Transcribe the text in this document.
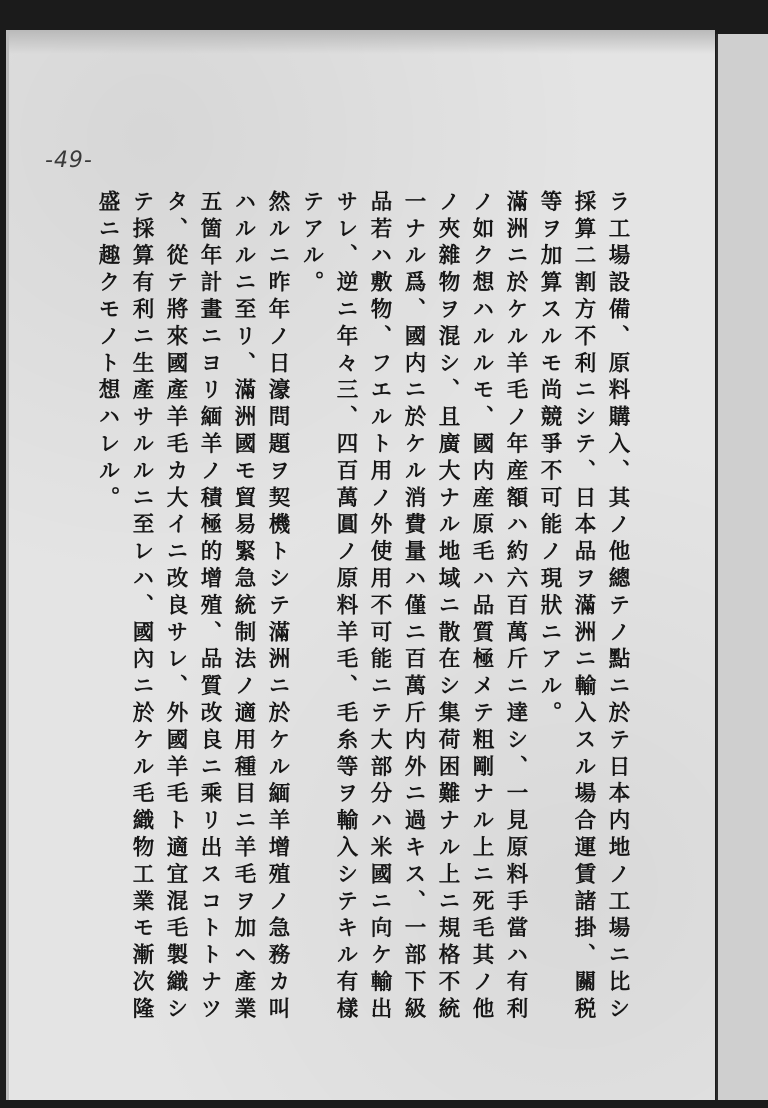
-49-
ラ工場設備、原料購入、其ノ他總テノ點ニ於テ日本内地ノ工場ニ比シ
採算二割方不利ニシテ、日本品ヲ滿洲ニ輸入スル場合運賃諸掛、關税
等ヲ加算スルモ尚競爭不可能ノ現狀ニアル。
滿洲ニ於ケル羊毛ノ年産額ハ約六百萬斤ニ達シ、一見原料手當ハ有利
ノ如ク想ハルルモ、國内産原毛ハ品質極メテ粗剛ナル上ニ死毛其ノ他
ノ夾雜物ヲ混シ、且廣大ナル地域ニ散在シ集荷困難ナル上ニ規格不統
一ナル爲、國内ニ於ケル消費量ハ僅ニ百萬斤内外ニ過キス、一部下級
品若ハ敷物、フエルト用ノ外使用不可能ニテ大部分ハ米國ニ向ケ輸出
サレ、逆ニ年々三、四百萬圓ノ原料羊毛、毛糸等ヲ輸入シテキル有樣
テアル。
然ルニ昨年ノ日濠問題ヲ契機トシテ滿洲ニ於ケル緬羊增殖ノ急務カ叫
ハルルニ至リ、滿洲國モ貿易緊急統制法ノ適用種目ニ羊毛ヲ加ヘ產業
五箇年計畫ニヨリ緬羊ノ積極的增殖、品質改良ニ乘リ出スコトトナツ
タ、從テ將來國產羊毛カ大イニ改良サレ、外國羊毛ト適宜混毛製織シ
テ採算有利ニ生產サルルニ至レハ、國內ニ於ケル毛織物工業モ漸次隆
盛ニ趣クモノト想ハレル。
